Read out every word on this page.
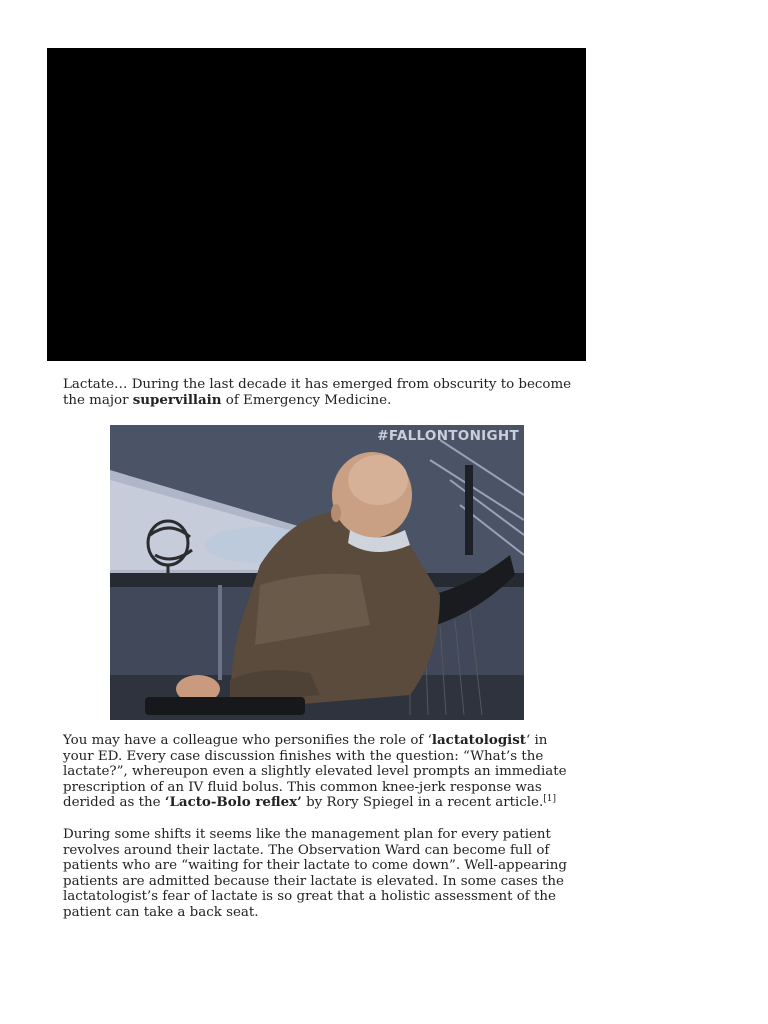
Lactate… During the last decade it has emerged from obscurity to become the major supervillain of Emergency Medicine.

#FALLONTONIGHT

You may have a colleague who personifies the role of ‘lactatologist‘ in your ED. Every case discussion finishes with the question: “What’s the lactate?”, whereupon even a slightly elevated level prompts an immediate prescription of an IV fluid bolus. This common knee-jerk response was derided as the ‘Lacto-Bolo reflex’ by Rory Spiegel in a recent article.[1]

During some shifts it seems like the management plan for every patient revolves around their lactate. The Observation Ward can become full of patients who are “waiting for their lactate to come down”. Well-appearing patients are admitted because their lactate is elevated. In some cases the lactatologist’s fear of lactate is so great that a holistic assessment of the patient can take a back seat.
